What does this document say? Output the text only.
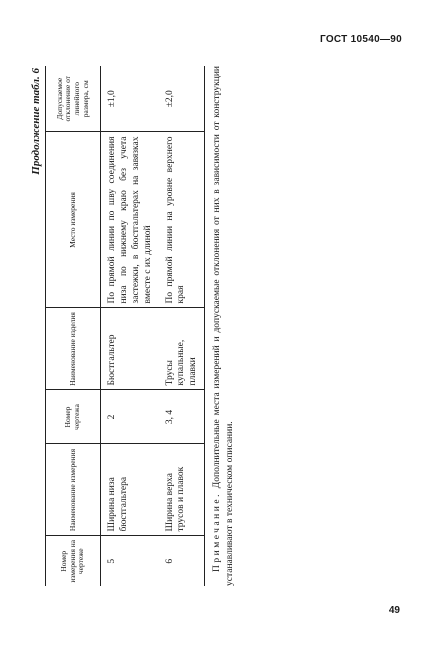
ГОСТ 10540—90
Продолжение табл. 6
Номер измерения на чертеже	Наименование измерения	Номер чертежа	Наименование изделия	Место измерения	Допускаемое отклонение от линейного размера, см
5	Ширина низа бюстгальтера	2	Бюстгальтер	По прямой линии по шву соединения низа по нижнему краю без учета застежки, в бюстгальтерах на завязках вместе с их длиной	±1,0
6	Ширина верха трусов и плавок	3, 4	Трусы купальные, плавки	По прямой линии на уровне верхнего края	±2,0

Примечание. Дополнительные места измерений и допускаемые отклонения от них в зависимости от конструкции устанавливают в техническом описании.

49
